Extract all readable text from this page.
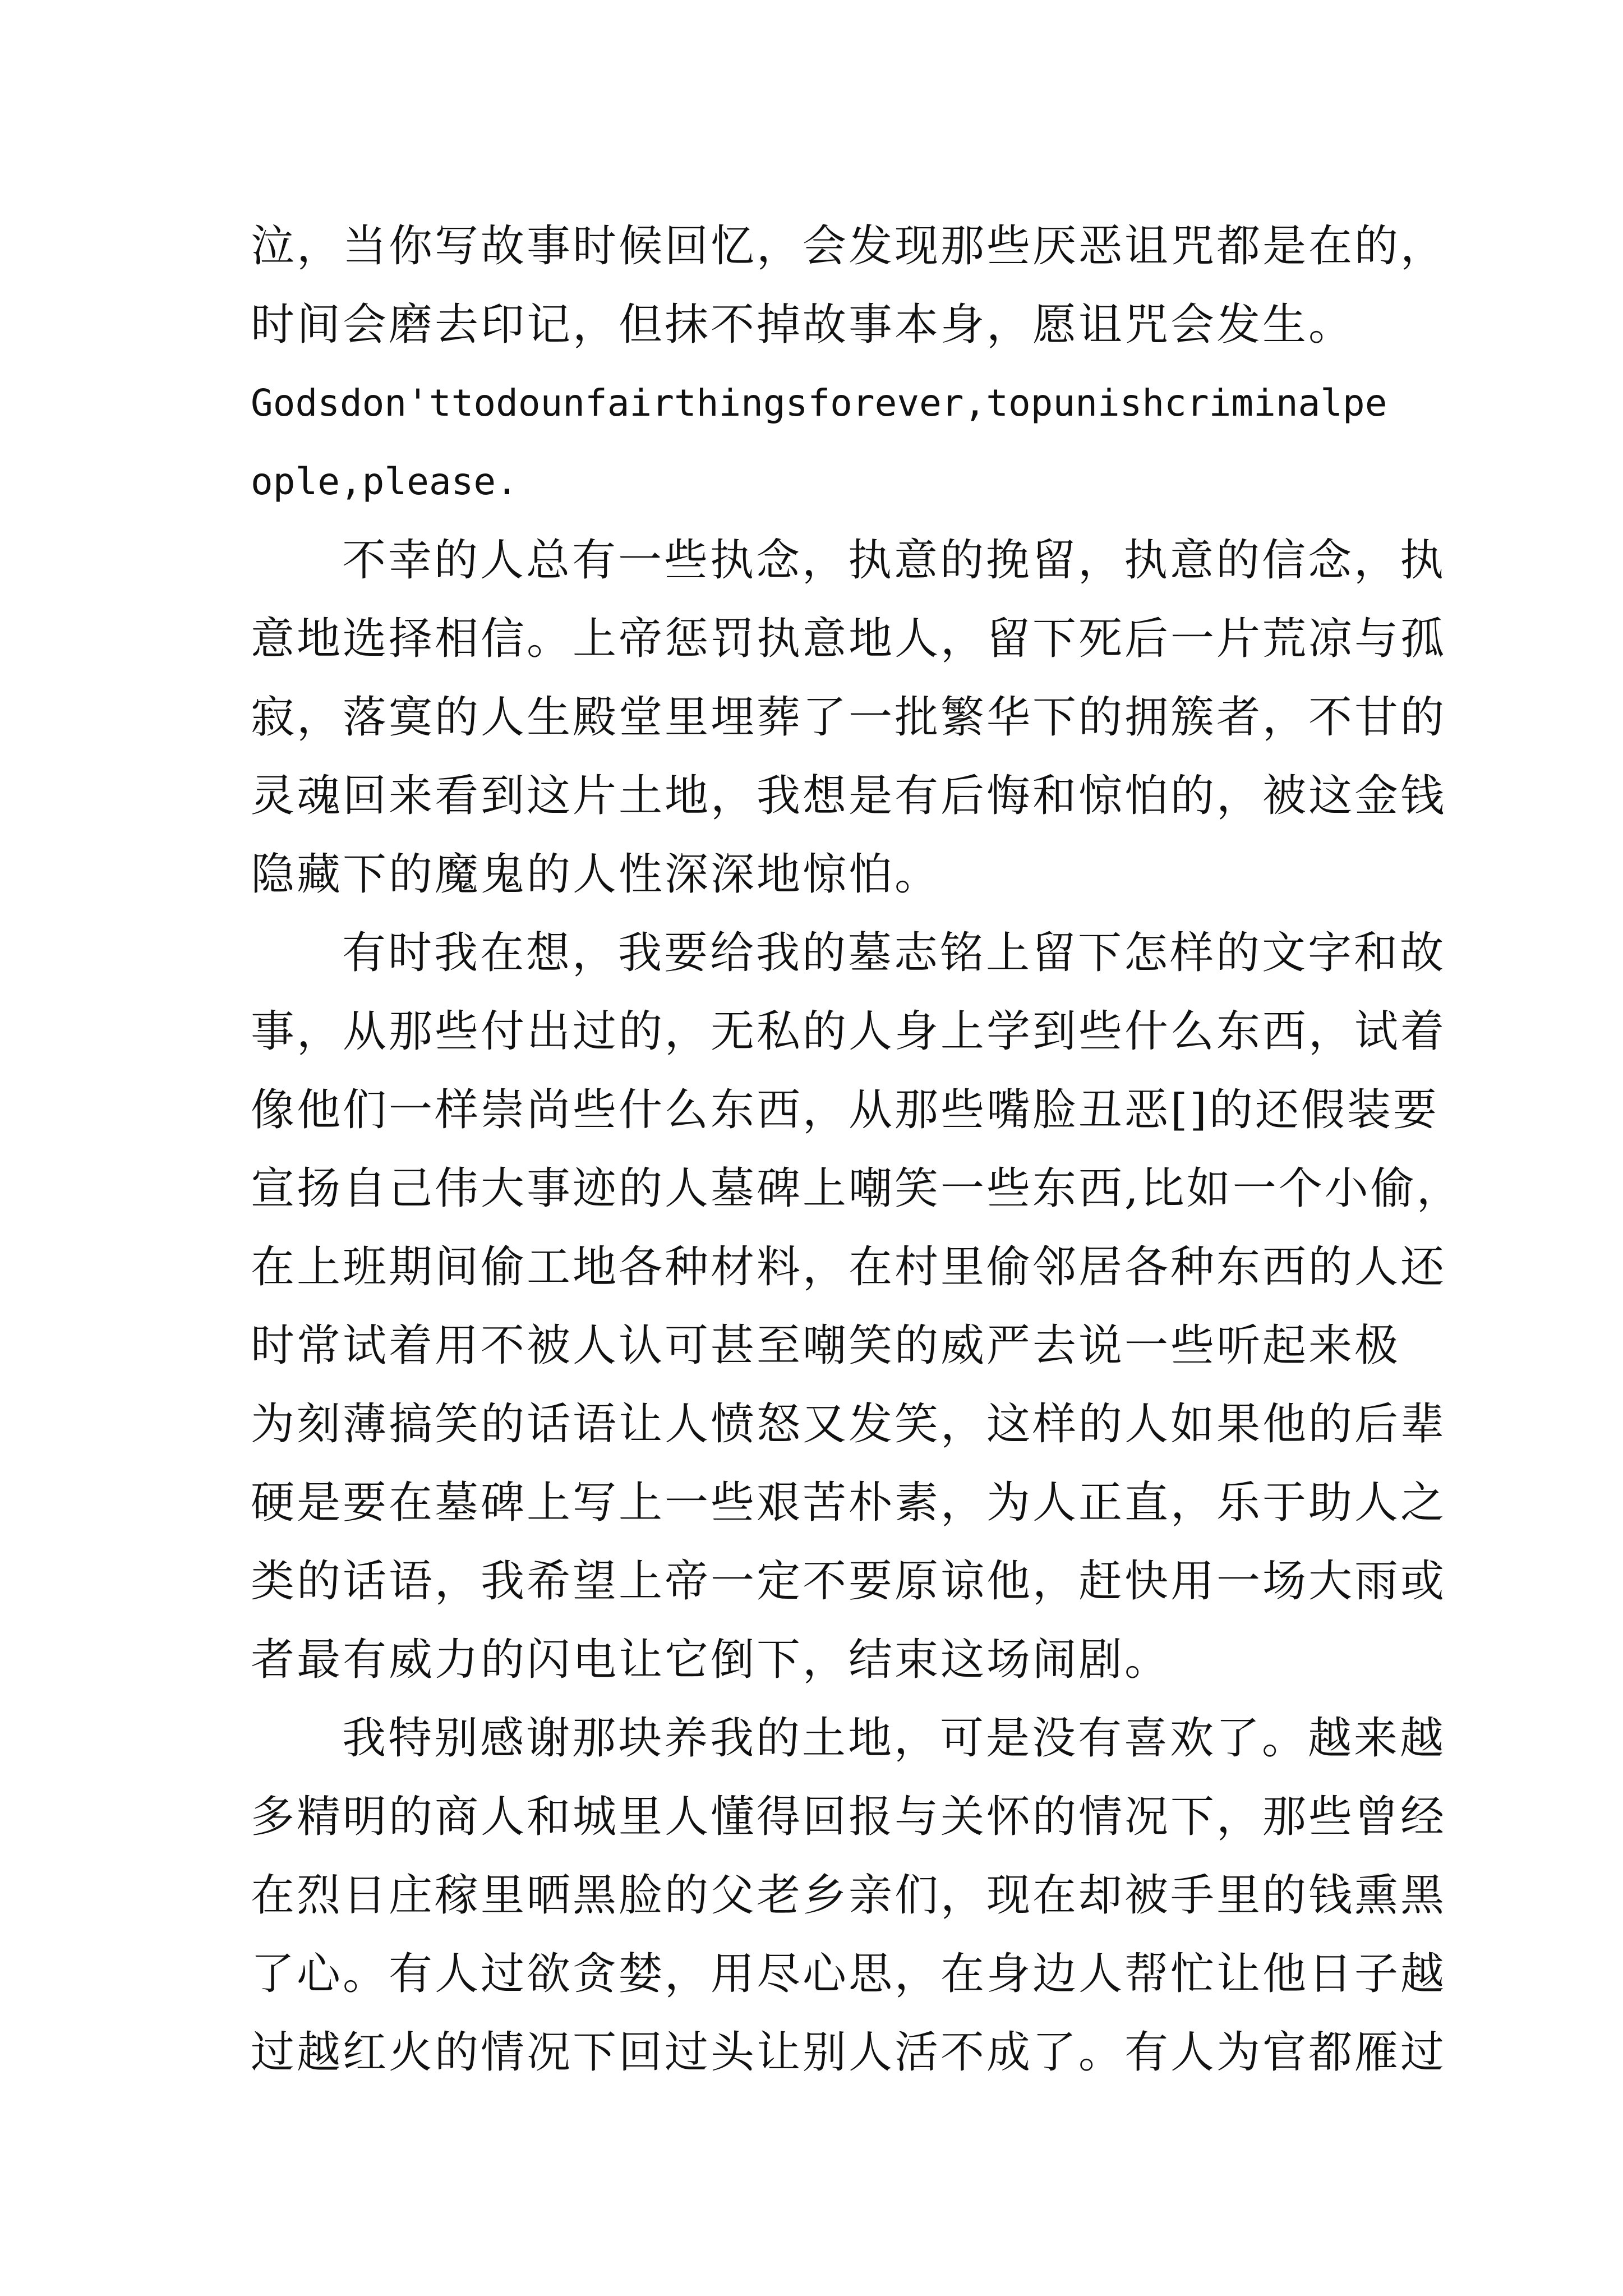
泣，当你写故事时候回忆，会发现那些厌恶诅咒都是在的，
时间会磨去印记，但抹不掉故事本身，愿诅咒会发生。
Godsdon'ttodounfairthingsforever,topunishcriminalpe
ople,please.
不幸的人总有一些执念，执意的挽留，执意的信念，执
意地选择相信。上帝惩罚执意地人，留下死后一片荒凉与孤
寂，落寞的人生殿堂里埋葬了一批繁华下的拥簇者，不甘的
灵魂回来看到这片土地，我想是有后悔和惊怕的，被这金钱
隐藏下的魔鬼的人性深深地惊怕。
有时我在想，我要给我的墓志铭上留下怎样的文字和故
事，从那些付出过的，无私的人身上学到些什么东西，试着
像他们一样崇尚些什么东西，从那些嘴脸丑恶[]的还假装要
宣扬自己伟大事迹的人墓碑上嘲笑一些东西,比如一个小偷，
在上班期间偷工地各种材料，在村里偷邻居各种东西的人还
时常试着用不被人认可甚至嘲笑的威严去说一些听起来极
为刻薄搞笑的话语让人愤怒又发笑，这样的人如果他的后辈
硬是要在墓碑上写上一些艰苦朴素，为人正直，乐于助人之
类的话语，我希望上帝一定不要原谅他，赶快用一场大雨或
者最有威力的闪电让它倒下，结束这场闹剧。
我特别感谢那块养我的土地，可是没有喜欢了。越来越
多精明的商人和城里人懂得回报与关怀的情况下，那些曾经
在烈日庄稼里晒黑脸的父老乡亲们，现在却被手里的钱熏黑
了心。有人过欲贪婪，用尽心思，在身边人帮忙让他日子越
过越红火的情况下回过头让别人活不成了。有人为官都雁过
